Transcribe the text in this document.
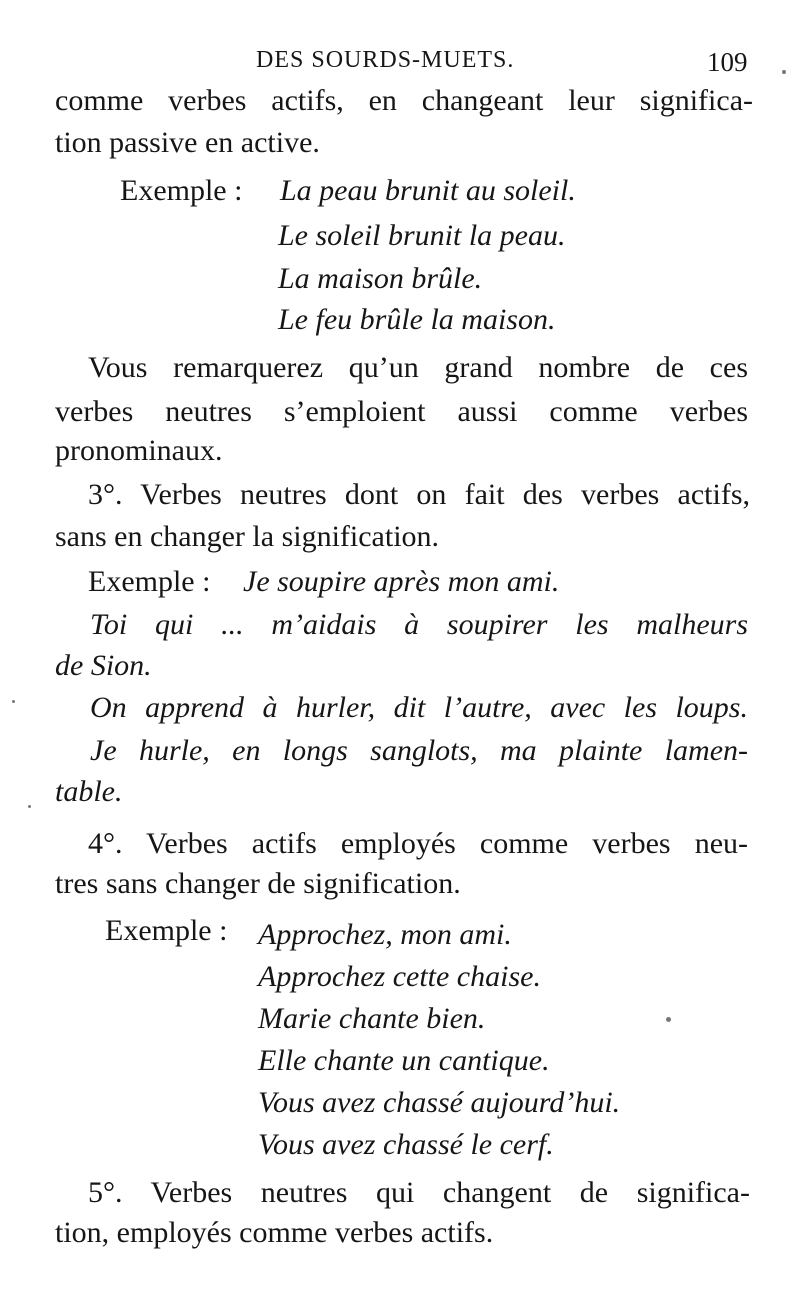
DES SOURDS-MUETS.	109
comme verbes actifs, en changeant leur significa-
tion passive en active.
Exemple : La peau brunit au soleil.
Le soleil brunit la peau.
La maison brûle.
Le feu brûle la maison.
Vous remarquerez qu’un grand nombre de ces
verbes neutres s’emploient aussi comme verbes
pronominaux.
3°. Verbes neutres dont on fait des verbes actifs,
sans en changer la signification.
Exemple : Je soupire après mon ami.
Toi qui ... m’aidais à soupirer les malheurs
de Sion.
On apprend à hurler, dit l’autre, avec les loups.
Je hurle, en longs sanglots, ma plainte lamen-
table.
4°. Verbes actifs employés comme verbes neu-
tres sans changer de signification.
Exemple : Approchez, mon ami.
Approchez cette chaise.
Marie chante bien.
Elle chante un cantique.
Vous avez chassé aujourd’hui.
Vous avez chassé le cerf.
5°. Verbes neutres qui changent de significa-
tion, employés comme verbes actifs.
